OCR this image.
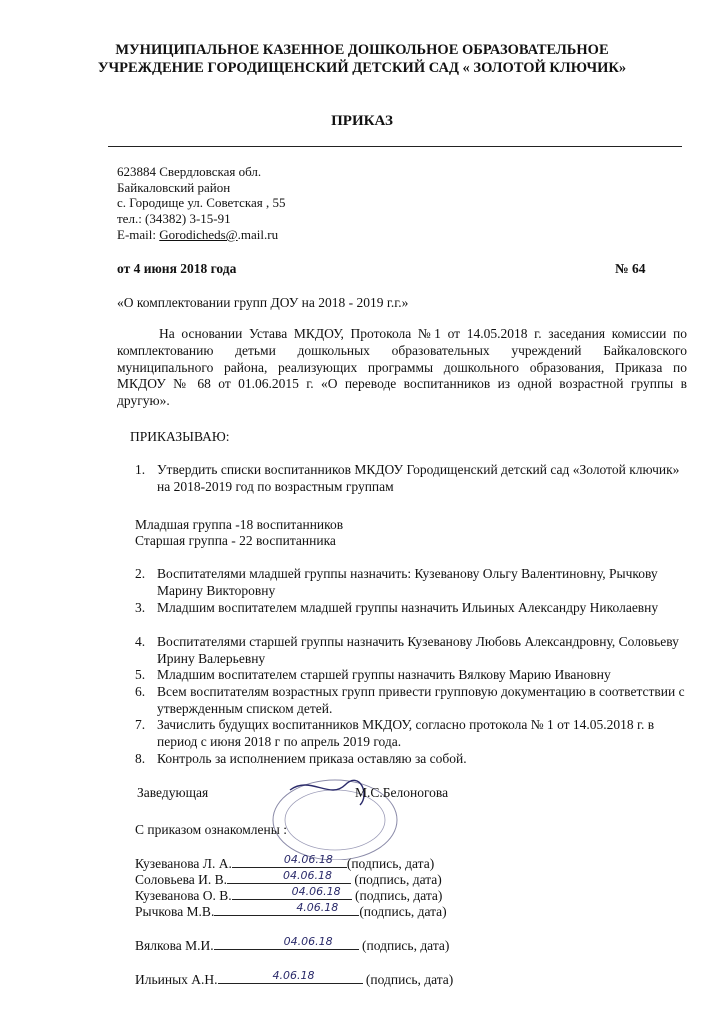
МУНИЦИПАЛЬНОЕ КАЗЕННОЕ ДОШКОЛЬНОЕ ОБРАЗОВАТЕЛЬНОЕ
УЧРЕЖДЕНИЕ ГОРОДИЩЕНСКИЙ ДЕТСКИЙ САД « ЗОЛОТОЙ КЛЮЧИК»
ПРИКАЗ
623884 Свердловская обл.
Байкаловский район
с. Городище ул. Советская , 55
тел.: (34382) 3-15-91
E-mail: Gorodicheds@.mail.ru
от 4 июня 2018 года	№ 64
«О комплектовании групп ДОУ на 2018 - 2019 г.г.»
На основании Устава МКДОУ, Протокола №1 от 14.05.2018 г. заседания комиссии по комплектованию детьми дошкольных образовательных учреждений Байкаловского муниципального района, реализующих программы дошкольного образования, Приказа по МКДОУ № 68 от 01.06.2015 г. «О переводе воспитанников из одной возрастной группы в другую».
ПРИКАЗЫВАЮ:
1. Утвердить списки воспитанников МКДОУ Городищенский детский сад «Золотой ключик» на 2018-2019 год по возрастным группам
Младшая группа -18 воспитанников
Старшая группа - 22 воспитанника
2. Воспитателями младшей группы назначить: Кузеванову Ольгу Валентиновну, Рычкову Марину Викторовну
3. Младшим воспитателем младшей группы назначить Ильиных Александру Николаевну
4. Воспитателями старшей группы назначить Кузеванову Любовь Александровну, Соловьеву Ирину Валерьевну
5. Младшим воспитателем старшей группы назначить Вялкову Марию Ивановну
6. Всем воспитателям возрастных групп привести групповую документацию в соответствии с утвержденным списком детей.
7. Зачислить будущих воспитанников МКДОУ, согласно протокола № 1 от 14.05.2018 г. в период с июня 2018 г по апрель 2019 года.
8. Контроль за исполнением приказа оставляю за собой.
Заведующая	М.С.Белоногова
С приказом ознакомлены :
Кузеванова Л. А.	04.06.18 (подпись, дата)
Соловьева И. В.	04.06.18 (подпись, дата)
Кузеванова О. В.	04.06.18 (подпись, дата)
Рычкова М.В.	4.06.18 (подпись, дата)
Вялкова М.И.	04.06.18 (подпись, дата)
Ильиных А.Н.	4.06.18	(подпись, дата)
